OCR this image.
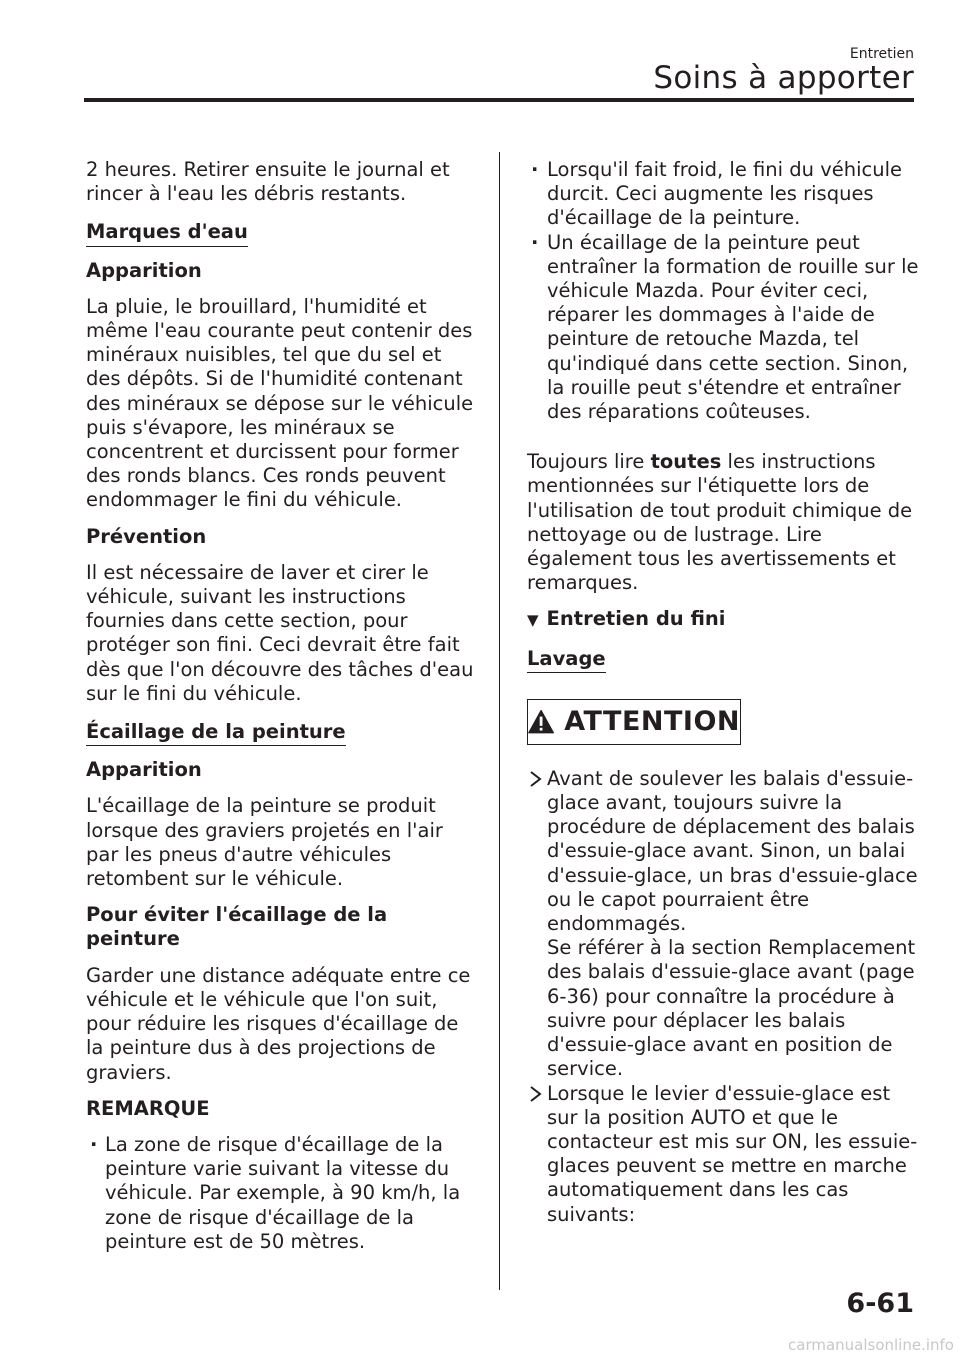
Entretien
Soins à apporter

2 heures. Retirer ensuite le journal et rincer à l'eau les débris restants.

Marques d'eau
Apparition

La pluie, le brouillard, l'humidité et même l'eau courante peut contenir des minéraux nuisibles, tel que du sel et des dépôts. Si de l'humidité contenant des minéraux se dépose sur le véhicule puis s'évapore, les minéraux se concentrent et durcissent pour former des ronds blancs. Ces ronds peuvent endommager le fini du véhicule.

Prévention

Il est nécessaire de laver et cirer le véhicule, suivant les instructions fournies dans cette section, pour protéger son fini. Ceci devrait être fait dès que l'on découvre des tâches d'eau sur le fini du véhicule.

Écaillage de la peinture
Apparition

L'écaillage de la peinture se produit lorsque des graviers projetés en l'air par les pneus d'autre véhicules retombent sur le véhicule.

Pour éviter l'écaillage de la peinture

Garder une distance adéquate entre ce véhicule et le véhicule que l'on suit, pour réduire les risques d'écaillage de la peinture dus à des projections de graviers.

REMARQUE
· La zone de risque d'écaillage de la peinture varie suivant la vitesse du véhicule. Par exemple, à 90 km/h, la zone de risque d'écaillage de la peinture est de 50 mètres.
· Lorsqu'il fait froid, le fini du véhicule durcit. Ceci augmente les risques d'écaillage de la peinture.
· Un écaillage de la peinture peut entraîner la formation de rouille sur le véhicule Mazda. Pour éviter ceci, réparer les dommages à l'aide de peinture de retouche Mazda, tel qu'indiqué dans cette section. Sinon, la rouille peut s'étendre et entraîner des réparations coûteuses.

Toujours lire toutes les instructions mentionnées sur l'étiquette lors de l'utilisation de tout produit chimique de nettoyage ou de lustrage. Lire également tous les avertissements et remarques.

▼ Entretien du fini
Lavage
ATTENTION
Avant de soulever les balais d'essuie-glace avant, toujours suivre la procédure de déplacement des balais d'essuie-glace avant. Sinon, un balai d'essuie-glace, un bras d'essuie-glace ou le capot pourraient être endommagés.
Se référer à la section Remplacement des balais d'essuie-glace avant (page 6-36) pour connaître la procédure à suivre pour déplacer les balais d'essuie-glace avant en position de service.
Lorsque le levier d'essuie-glace est sur la position AUTO et que le contacteur est mis sur ON, les essuie-glaces peuvent se mettre en marche automatiquement dans les cas suivants:
6-61
carmanualsonline.info
